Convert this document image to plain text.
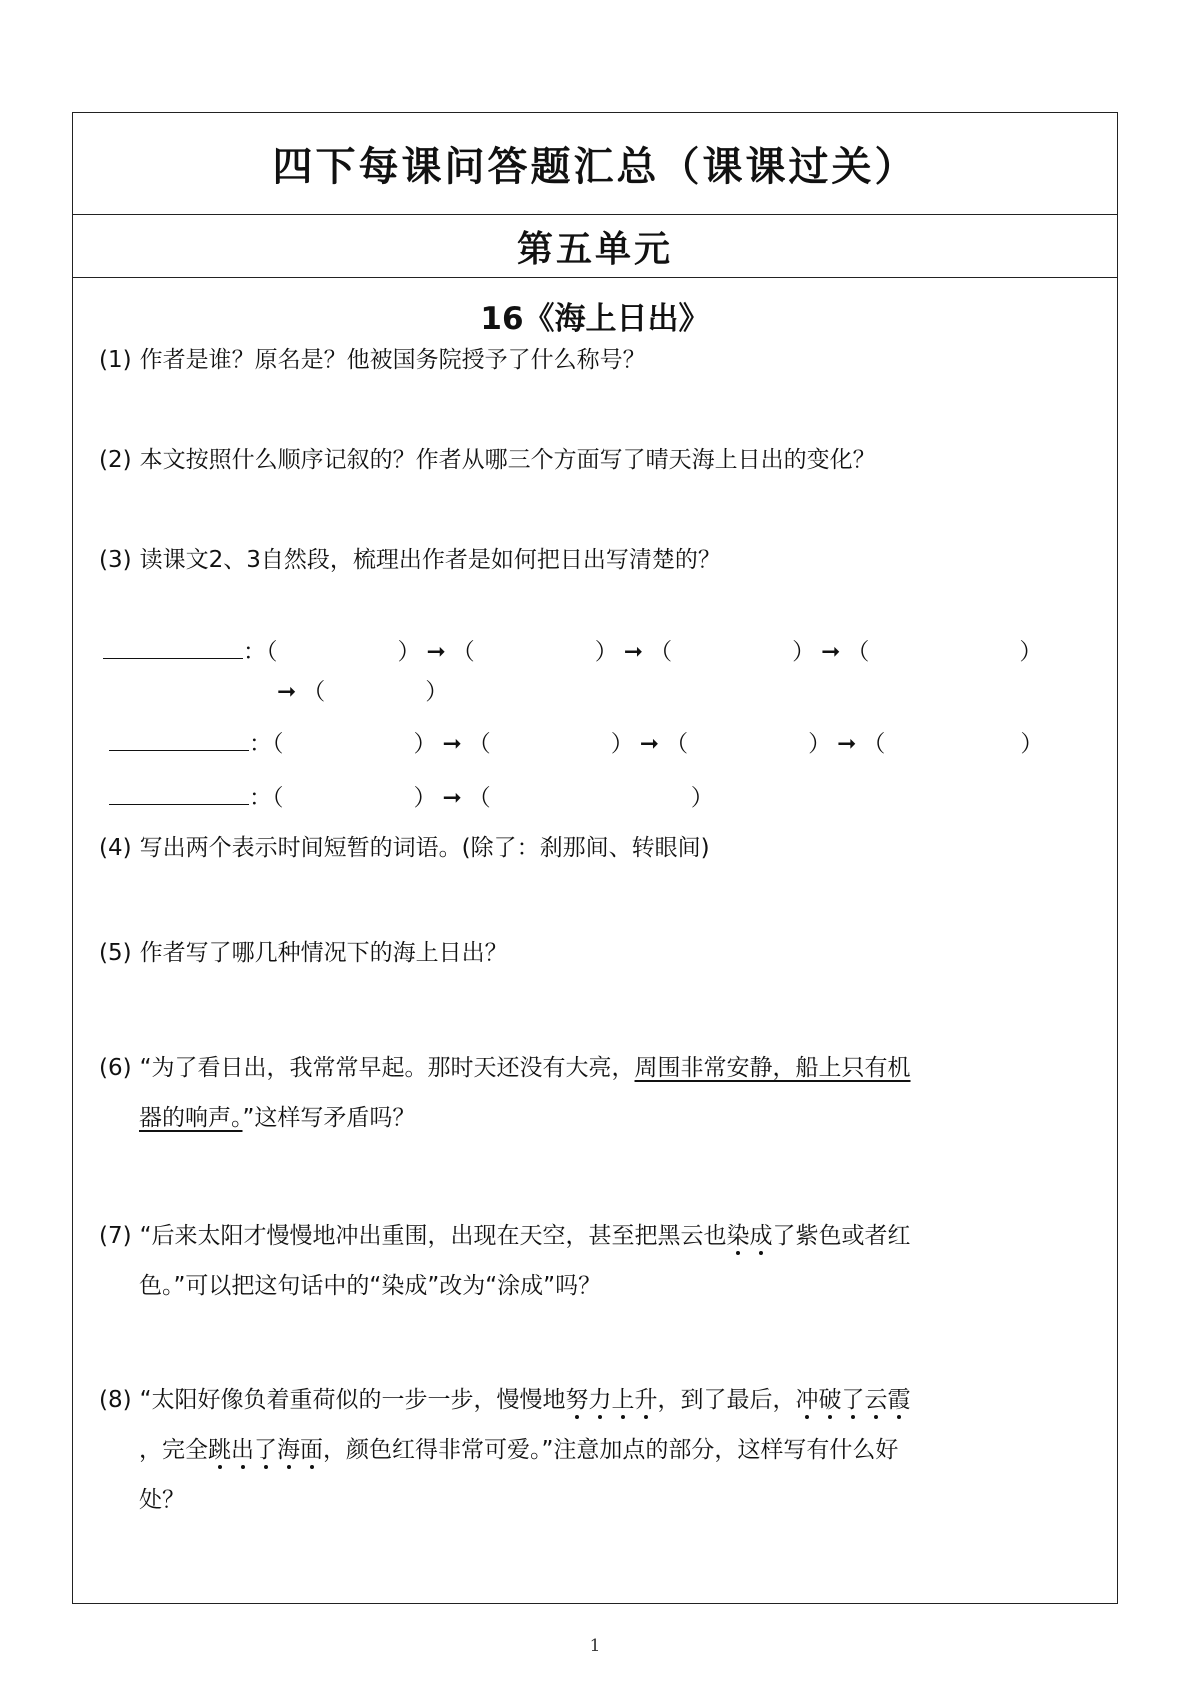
四下每课问答题汇总（课课过关）
第五单元
16《海上日出》
(1) 作者是谁？原名是？他被国务院授予了什么称号？
(2) 本文按照什么顺序记叙的？作者从哪三个方面写了晴天海上日出的变化？
(3) 读课文2、3自然段，梳理出作者是如何把日出写清楚的？
：（	） ➞ （	） ➞ （	） ➞ （	）
➞ （	）
：（	） ➞ （	） ➞ （	） ➞ （	）
：（	） ➞ （	）
(4) 写出两个表示时间短暂的词语。(除了：刹那间、转眼间)
(5) 作者写了哪几种情况下的海上日出？
(6) “为了看日出，我常常早起。那时天还没有大亮，周围非常安静，船上只有机
器的响声。”这样写矛盾吗？
(7) “后来太阳才慢慢地冲出重围，出现在天空，甚至把黑云也染成了紫色或者红
色。”可以把这句话中的“染成”改为“涂成”吗？
(8) “太阳好像负着重荷似的一步一步，慢慢地努力上升，到了最后，冲破了云霞
，完全跳出了海面，颜色红得非常可爱。”注意加点的部分，这样写有什么好
处？
1
